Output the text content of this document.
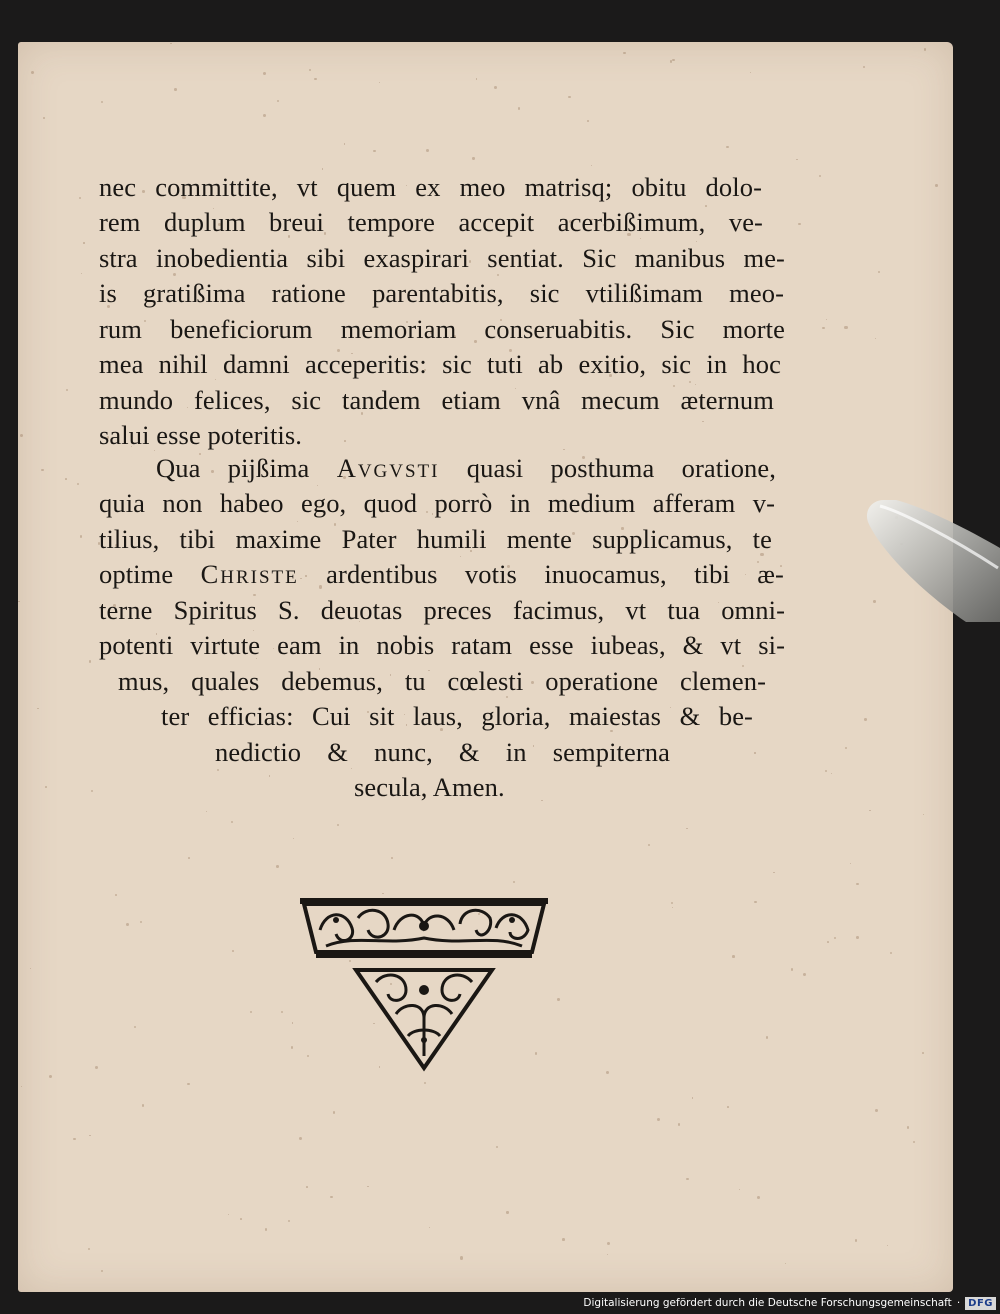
nec committite, vt quem ex meo matrisq; obitu dolo-
rem duplum breui tempore accepit acerbißimum, ve-
stra inobedientia sibi exaspirari sentiat. Sic manibus me-
is gratißima ratione parentabitis, sic vtilißimam meo-
rum beneficiorum memoriam conseruabitis. Sic morte
mea nihil damni acceperitis: sic tuti ab exitio, sic in hoc
mundo felices, sic tandem etiam vnâ mecum æternum
salui esse poteritis.
Qua pijßima Avgvsti quasi posthuma oratione,
quia non habeo ego, quod porrò in medium afferam v-
tilius, tibi maxime Pater humili mente supplicamus, te
optime Christe ardentibus votis inuocamus, tibi æ-
terne Spiritus S. deuotas preces facimus, vt tua omni-
potenti virtute eam in nobis ratam esse iubeas, & vt si-
mus, quales debemus, tu cœlesti operatione clemen-
ter efficias: Cui sit laus, gloria, maiestas & be-
nedictio & nunc, & in sempiterna
secula, Amen.
Digitalisierung gefördert durch die Deutsche Forschungsgemeinschaft · DFG
